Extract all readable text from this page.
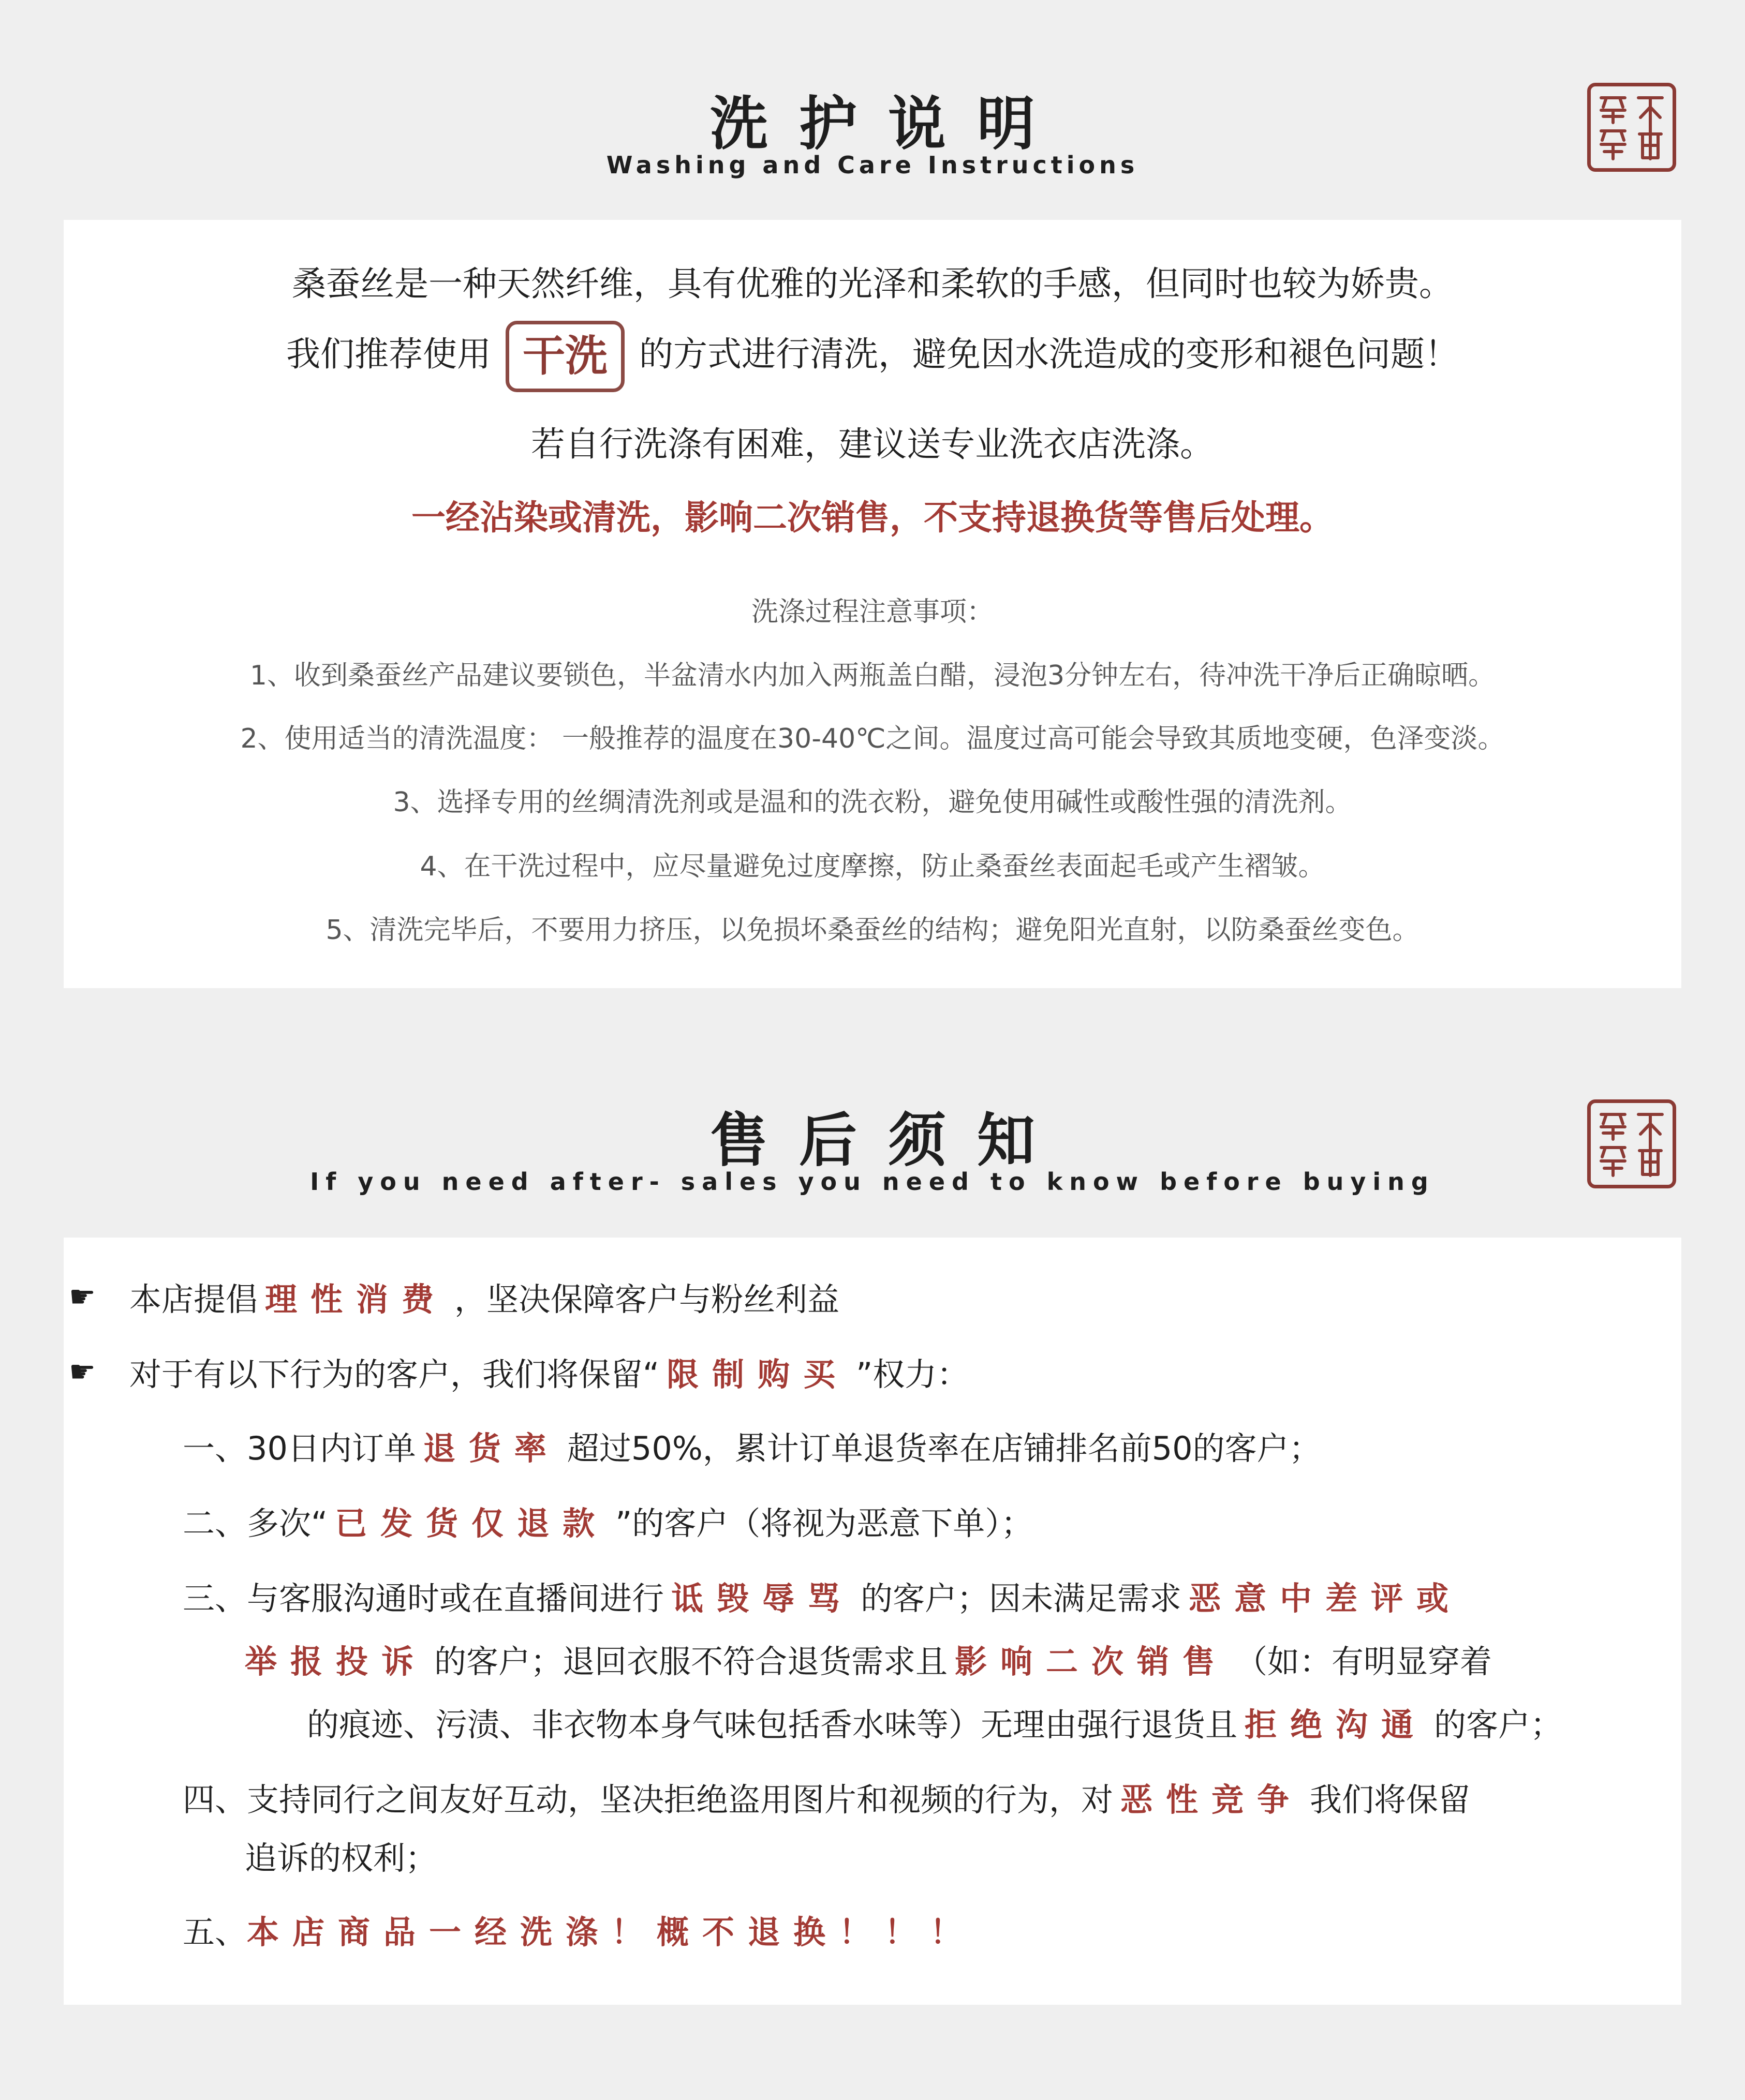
洗护说明
Washing and Care Instructions
桑蚕丝是一种天然纤维，具有优雅的光泽和柔软的手感，但同时也较为娇贵。
我们推荐使用 干洗 的方式进行清洗，避免因水洗造成的变形和褪色问题！
若自行洗涤有困难，建议送专业洗衣店洗涤。
一经沾染或清洗，影响二次销售，不支持退换货等售后处理。
洗涤过程注意事项：
1、收到桑蚕丝产品建议要锁色，半盆清水内加入两瓶盖白醋，浸泡3分钟左右，待冲洗干净后正确晾晒。
2、使用适当的清洗温度： 一般推荐的温度在30-40℃之间。温度过高可能会导致其质地变硬，色泽变淡。
3、选择专用的丝绸清洗剂或是温和的洗衣粉，避免使用碱性或酸性强的清洗剂。
4、在干洗过程中，应尽量避免过度摩擦，防止桑蚕丝表面起毛或产生褶皱。
5、清洗完毕后，不要用力挤压，以免损坏桑蚕丝的结构；避免阳光直射，以防桑蚕丝变色。
售后须知
If you need after- sales you need to know before buying
☛ 本店提倡 理性消费 ，坚决保障客户与粉丝利益
☛ 对于有以下行为的客户，我们将保留“ 限制购买 ”权力：
一、30日内订单 退货率 超过50%，累计订单退货率在店铺排名前50的客户；
二、多次“ 已发货仅退款 ”的客户（将视为恶意下单）；
三、与客服沟通时或在直播间进行 诋毁辱骂 的客户；因未满足需求 恶意中差评或
举报投诉 的客户；退回衣服不符合退货需求且 影响二次销售 （如：有明显穿着
的痕迹、污渍、非衣物本身气味包括香水味等）无理由强行退货且 拒绝沟通 的客户；
四、支持同行之间友好互动，坚决拒绝盗用图片和视频的行为，对 恶性竞争 我们将保留
追诉的权利；
五、本店商品一经洗涤！概不退换！！！
